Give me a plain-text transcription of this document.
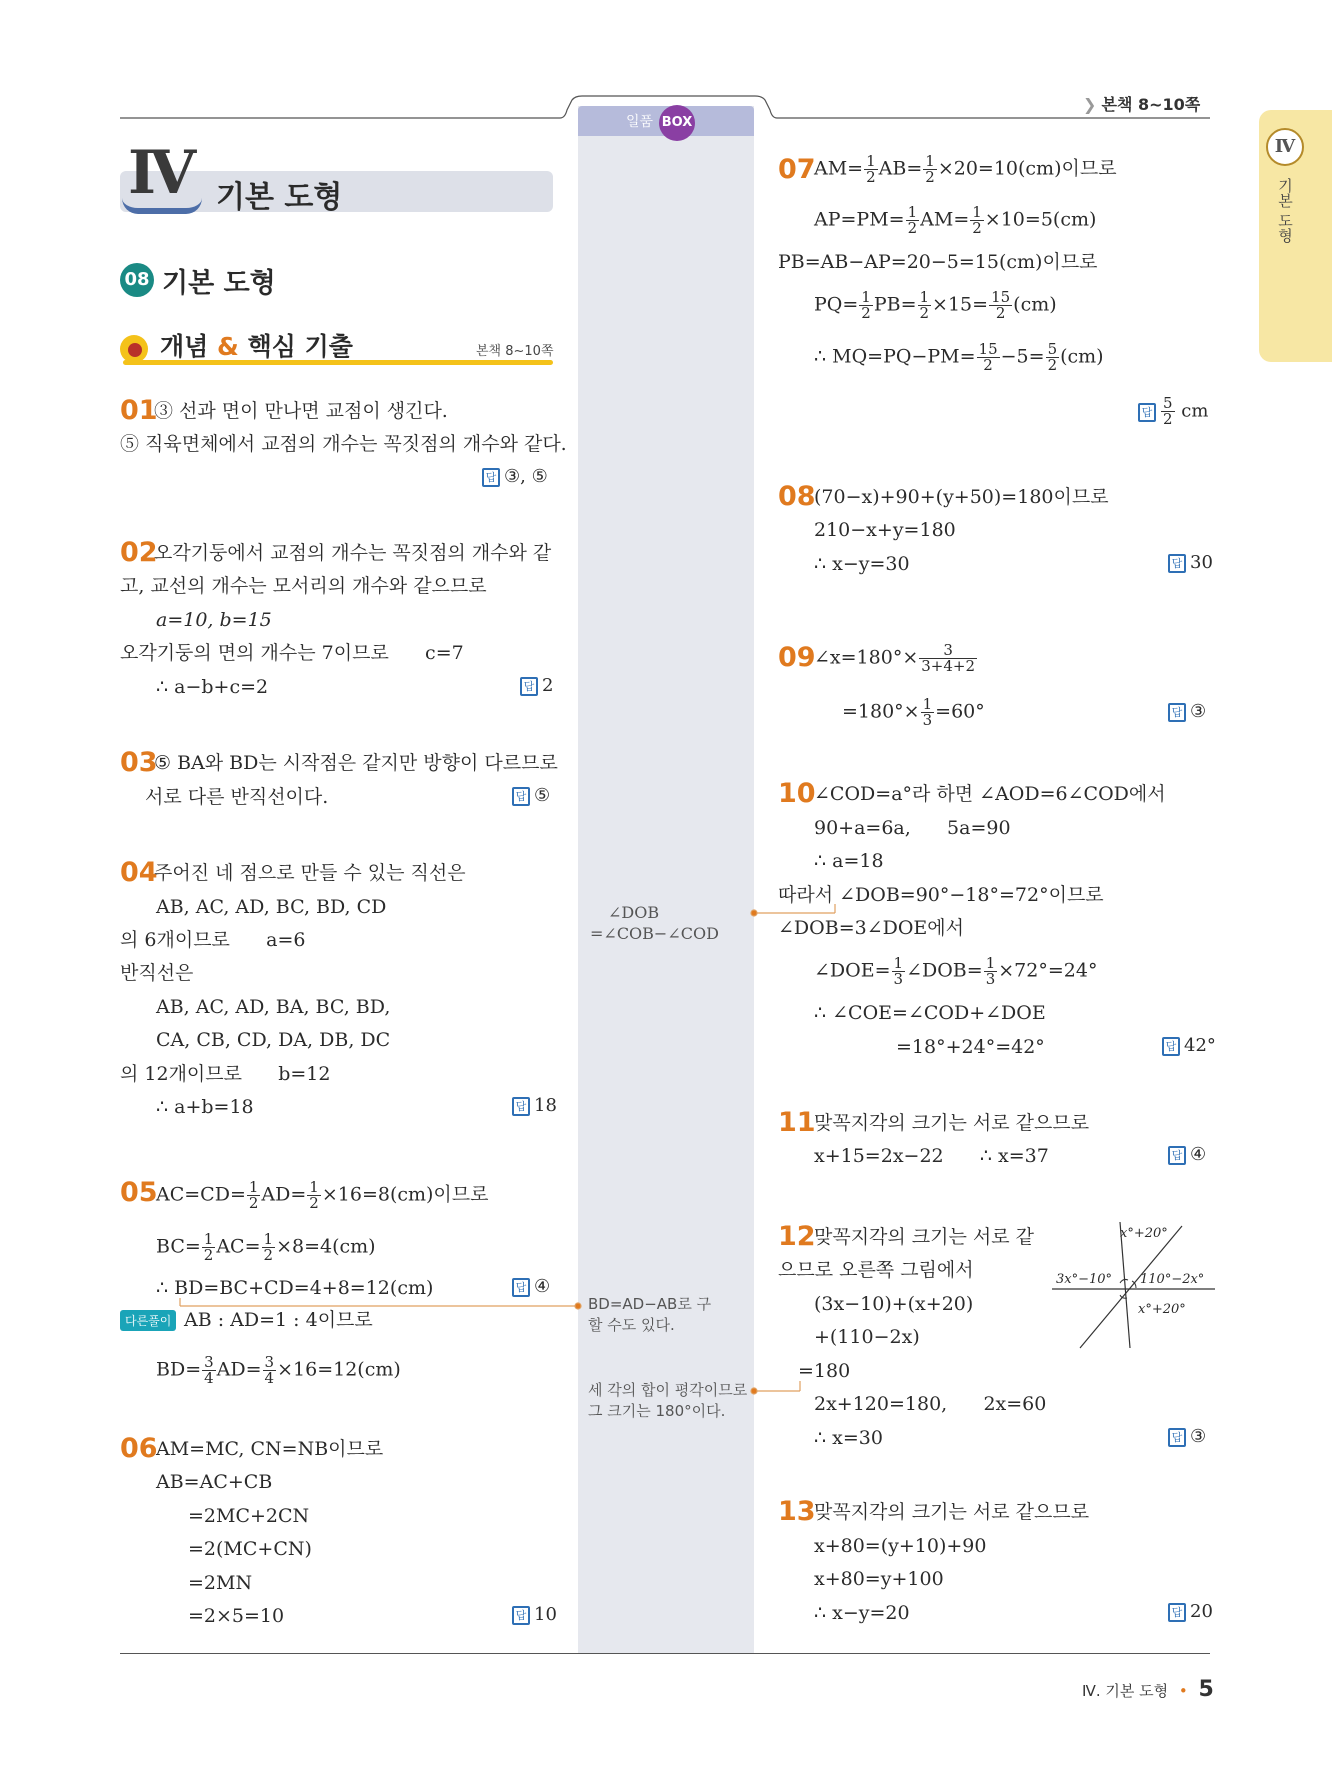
일품 BOX
❯ 본책 8~10쪽
Ⅳ
기본 도형
Ⅳ 기본 도형
08 기본 도형
개념 & 핵심 기출	본책 8~10쪽
01
③ 선과 면이 만나면 교점이 생긴다.
⑤ 직육면체에서 교점의 개수는 꼭짓점의 개수와 같다.
답 ③, ⑤
02
오각기둥에서 교점의 개수는 꼭짓점의 개수와 같
고, 교선의 개수는 모서리의 개수와 같으므로
a=10, b=15
오각기둥의 면의 개수는 7이므로      c=7
∴ a−b+c=2	답 2
03
⑤ BA와 BD는 시작점은 같지만 방향이 다르므로
서로 다른 반직선이다.	답 ⑤
04
주어진 네 점으로 만들 수 있는 직선은
AB, AC, AD, BC, BD, CD
의 6개이므로      a=6
반직선은
AB, AC, AD, BA, BC, BD,
CA, CB, CD, DA, DB, DC
의 12개이므로      b=12
∴ a+b=18	답 18
05
$AC=CD= \frac{1}{2} AD= \frac{1}{2} \times 16=8(cm)$이므로
$BC= \frac{1}{2} AC= \frac{1}{2} \times 8=4(cm)$
∴ BD=BC+CD=4+8=12(cm)	답 ④
다른풀이 AB : AD=1 : 4이므로
$BD= \frac{3}{4} AD= \frac{3}{4} \times 16=12(cm)$
06
AM=MC, CN=NB이므로
AB=AC+CB
=2MC+2CN
=2(MC+CN)
=2MN
=2×5=10	답 10
∠DOB
=∠COB−∠COD
BD=AD−AB로 구
할 수도 있다.
세 각의 합이 평각이므로
그 크기는 180°이다.
07
$AM= \frac{1}{2} AB= \frac{1}{2} \times 20=10(cm)$이므로
$AP=PM= \frac{1}{2} AM= \frac{1}{2} \times 10=5(cm)$
PB=AB−AP=20−5=15(cm)이므로
$PQ= \frac{1}{2} PB= \frac{1}{2} \times 15= \frac{15}{2} (cm)$
∴ $MQ=PQ-PM= \frac{15}{2} -5= \frac{5}{2} (cm)$
답 $\frac{5}{2}$ cm
08
(70−x)+90+(y+50)=180이므로
210−x+y=180
∴ x−y=30	답 30
09
∠x=180°× $\frac{3}{3+4+2}$
$=180^\circ\times \frac{1}{3} =60^\circ$	답 ③
10
∠COD=a°라 하면 ∠AOD=6∠COD에서
90+a=6a,      5a=90
∴ a=18
따라서 ∠DOB=90°−18°=72°이므로
∠DOB=3∠DOE에서
∠DOE= $\frac{1}{3}$ ∠DOB= $\frac{1}{3} \times 72^\circ=24^\circ$
∴ ∠COE=∠COD+∠DOE
=18°+24°=42°	답 42°
11
맞꼭지각의 크기는 서로 같으므로
x+15=2x−22      ∴ x=37	답 ④
12
맞꼭지각의 크기는 서로 같
으므로 오른쪽 그림에서
(3x−10)+(x+20)
+(110−2x)
=180
2x+120=180,      2x=60
∴ x=30	답 ③
x°+20°
3x°−10° 110°−2x°
x°+20°
13
맞꼭지각의 크기는 서로 같으므로
x+80=(y+10)+90
x+80=y+100
∴ x−y=20	답 20
Ⅳ. 기본 도형 • 5
